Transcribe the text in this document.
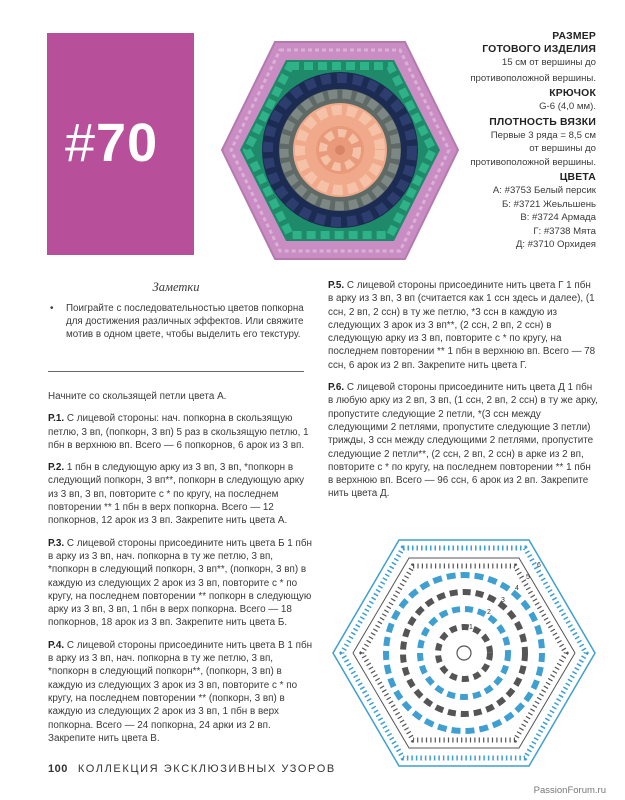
#70
РАЗМЕР
ГОТОВОГО ИЗДЕЛИЯ

15 см от вершины до

противоположной вершины.

КРЮЧОК

G-6 (4,0 мм).

ПЛОТНОСТЬ ВЯЗКИ

Первые 3 ряда = 8,5 см

от вершины до

противоположной вершины.

ЦВЕТА

А: #3753 Белый персик

Б: #3721 Жеьльшень

В: #3724 Армада

Г: #3738 Мята

Д: #3710 Орхидея

Заметки
•	Поиграйте с последовательностью цветов попкорна для достижения различных эффектов. Или свяжите мотив в одном цвете, чтобы выделить его текстуру.

Начните со скользящей петли цвета А.

Р.1. С лицевой стороны: нач. попкорна в скользящую петлю, 3 вп, (попкорн, 3 вп) 5 раз в скользящую петлю, 1 пбн в верхнюю вп. Всего — 6 попкорнов, 6 арок из 3 вп.

Р.2. 1 пбн в следующую арку из 3 вп, 3 вп, *попкорн в следующий попкорн, 3 вп**, попкорн в следующую арку из 3 вп, 3 вп, повторите с * по кругу, на последнем повторении ** 1 пбн в верх попкорна. Всего — 12 попкорнов, 12 арок из 3 вп. Закрепите нить цвета А.

Р.3. С лицевой стороны присоедините нить цвета Б 1 пбн в арку из 3 вп, нач. попкорна в ту же петлю, 3 вп, *попкорн в следующий попкорн, 3 вп**, (попкорн, 3 вп) в каждую из следующих 2 арок из 3 вп, повторите с * по кругу, на последнем повторении ** попкорн в следующую арку из 3 вп, 3 вп, 1 пбн в верх попкорна. Всего — 18 попкорнов, 18 арок из 3 вп. Закрепите нить цвета Б.

Р.4. С лицевой стороны присоедините нить цвета В 1 пбн в арку из 3 вп, нач. попкорна в ту же петлю, 3 вп, *попкорн в следующий попкорн**, (попкорн, 3 вп) в каждую из следующих 3 арок из 3 вп, повторите с * по кругу, на последнем повторении ** (попкорн, 3 вп) в каждую из следующих 2 арок из 3 вп, 1 пбн в верх попкорна. Всего — 24 попкорна, 24 арки из 2 вп. Закрепите нить цвета В.

Р.5. С лицевой стороны присоедините нить цвета Г 1 пбн в арку из 3 вп, 3 вп (считается как 1 ссн здесь и далее), (1 ссн, 2 вп, 2 ссн) в ту же петлю, *3 ссн в каждую из следующих 3 арок из 3 вп**, (2 ссн, 2 вп, 2 ссн) в следующую арку из 3 вп, повторите с * по кругу, на последнем повторении ** 1 пбн в верхнюю вп. Всего — 78 ссн, 6 арок из 2 вп. Закрепите нить цвета Г.

Р.6. С лицевой стороны присоедините нить цвета Д 1 пбн в любую арку из 2 вп, 3 вп, (1 ссн, 2 вп, 2 ссн) в ту же арку, пропустите следующие 2 петли, *(3 ссн между следующими 2 петлями, пропустите следующие 3 петли) трижды, 3 ссн между следующими 2 петлями, пропустите следующие 2 петли**, (2 ссн, 2 вп, 2 ссн) в арке из 2 вп, повторите с * по кругу, на последнем повторении ** 1 пбн в верхнюю вп. Всего — 96 ссн, 6 арок из 2 вп. Закрепите нить цвета Д.

1
2
3
4
5
6
100 КОЛЛЕКЦИЯ ЭКСКЛЮЗИВНЫХ УЗОРОВ
PassionForum.ru
